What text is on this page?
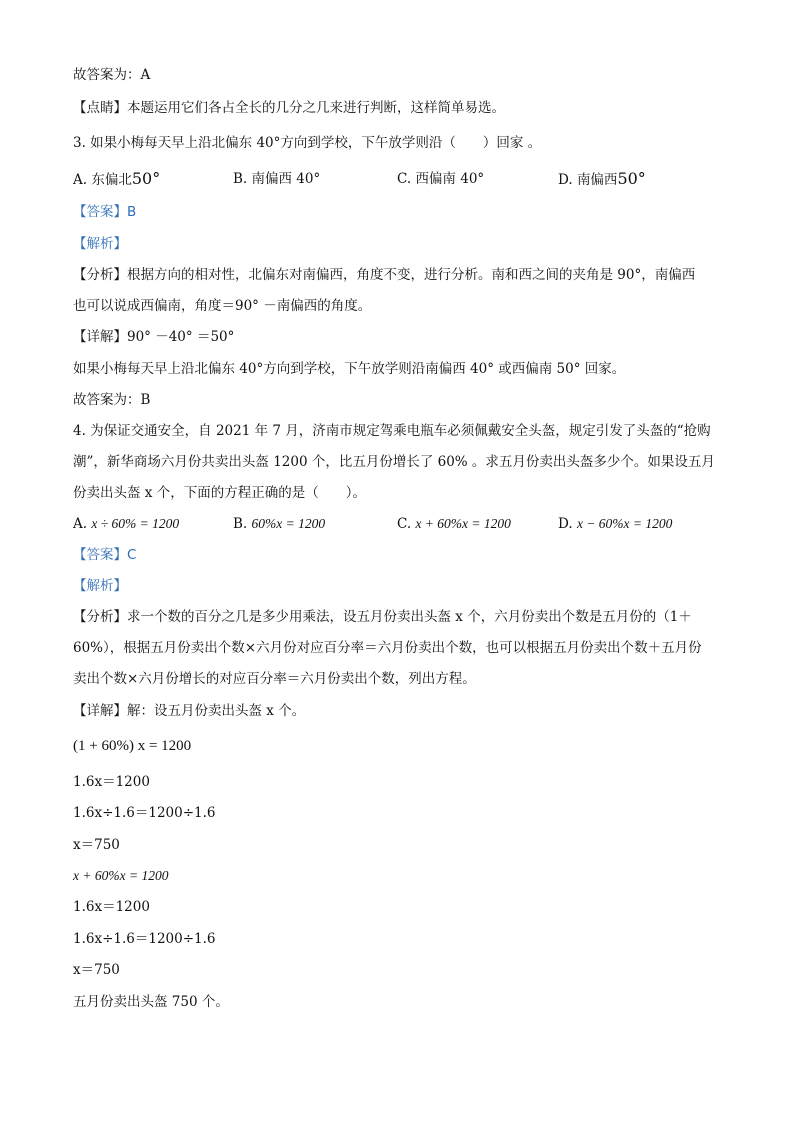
故答案为：A
【点睛】本题运用它们各占全长的几分之几来进行判断，这样简单易选。
3. 如果小梅每天早上沿北偏东 40°方向到学校，下午放学则沿（　　）回家 。
A. 东偏北50°	B. 南偏西 40°	C. 西偏南 40°	D. 南偏西50°
【答案】B
【解析】
【分析】根据方向的相对性，北偏东对南偏西，角度不变，进行分析。南和西之间的夹角是 90°，南偏西
也可以说成西偏南，角度＝90° －南偏西的角度。
【详解】90° －40° ＝50°
如果小梅每天早上沿北偏东 40°方向到学校，下午放学则沿南偏西 40° 或西偏南 50° 回家。
故答案为：B
4. 为保证交通安全，自 2021 年 7 月，济南市规定驾乘电瓶车必须佩戴安全头盔，规定引发了头盔的“抢购
潮”，新华商场六月份共卖出头盔 1200 个，比五月份增长了 60% 。求五月份卖出头盔多少个。如果设五月
份卖出头盔 x 个，下面的方程正确的是（　　）。
A. x ÷ 60% = 1200	B. 60%x = 1200	C. x + 60%x = 1200	D. x − 60%x = 1200
【答案】C
【解析】
【分析】求一个数的百分之几是多少用乘法，设五月份卖出头盔 x 个，六月份卖出个数是五月份的（1＋
60%），根据五月份卖出个数×六月份对应百分率＝六月份卖出个数，也可以根据五月份卖出个数＋五月份
卖出个数×六月份增长的对应百分率＝六月份卖出个数，列出方程。
【详解】解：设五月份卖出头盔 x 个。
(1 + 60%) x = 1200
1.6x＝1200
1.6x÷1.6＝1200÷1.6
x＝750
x + 60%x = 1200
1.6x＝1200
1.6x÷1.6＝1200÷1.6
x＝750
五月份卖出头盔 750 个。
